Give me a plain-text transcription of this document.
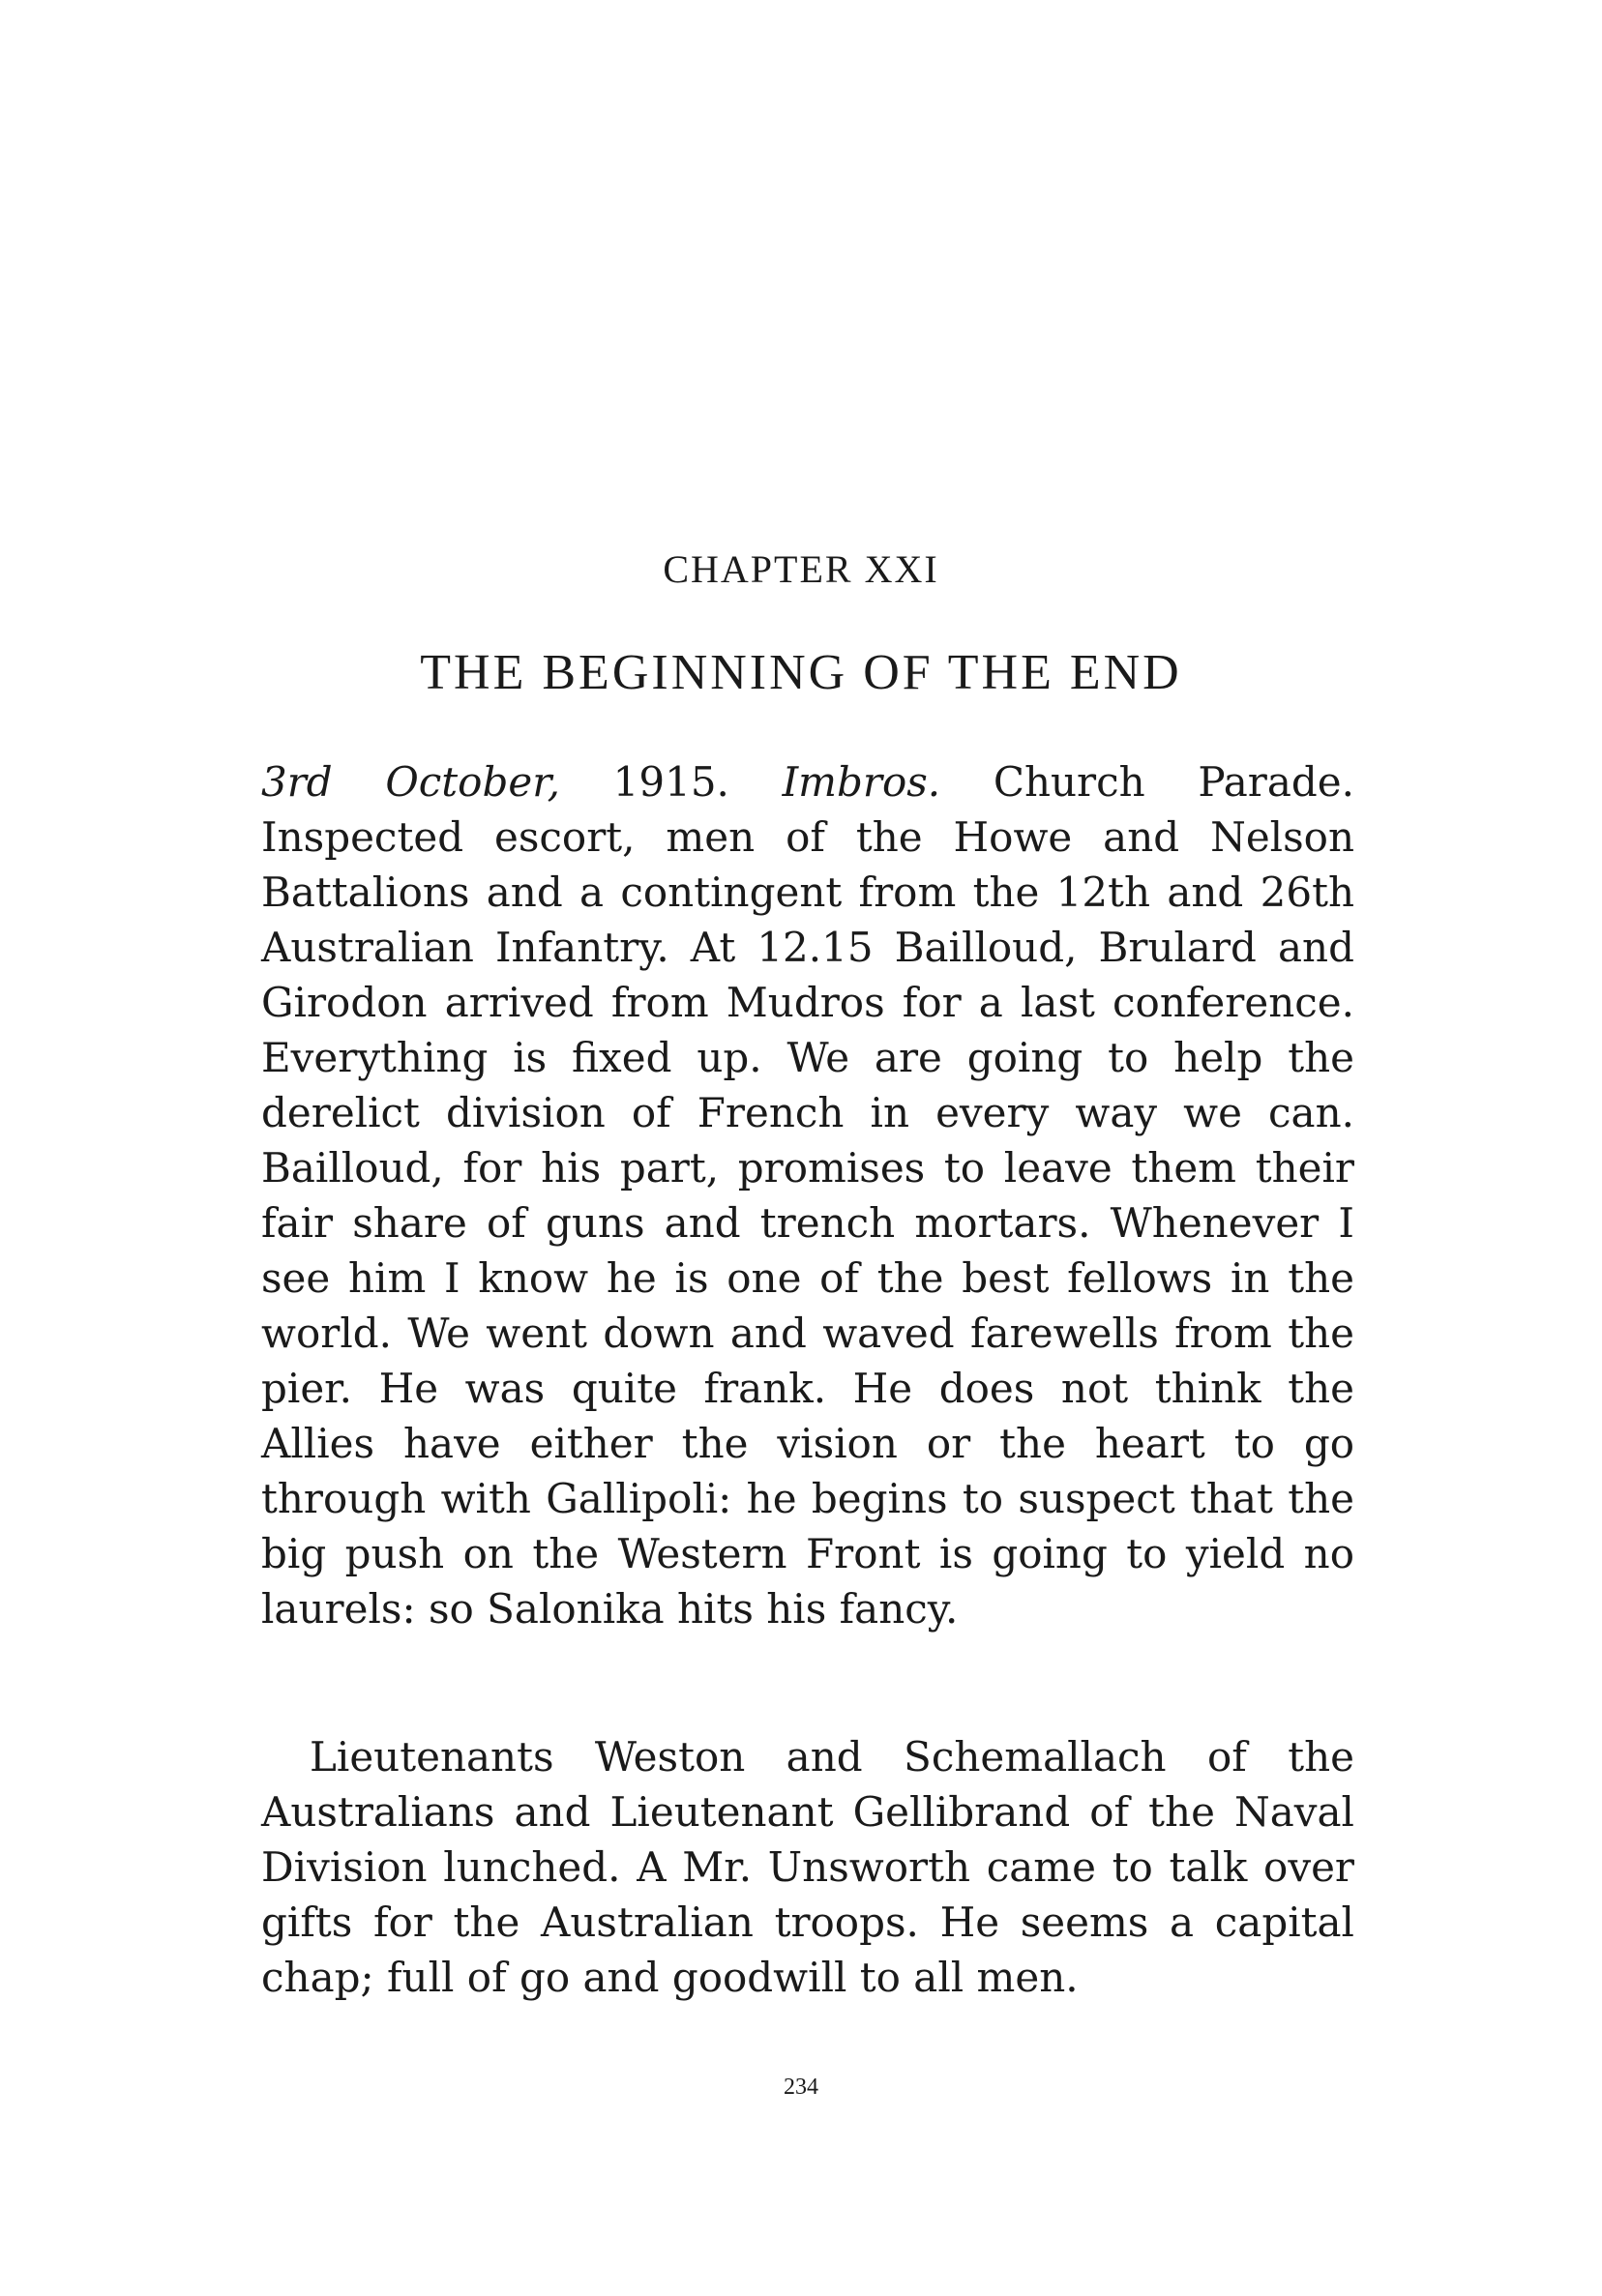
CHAPTER XXI
THE BEGINNING OF THE END

3rd October, 1915. Imbros. Church Parade. Inspected escort, men of the Howe and Nelson Battalions and a contingent from the 12th and 26th Australian Infantry. At 12.15 Bailloud, Brulard and Girodon arrived from Mudros for a last conference. Everything is fixed up. We are going to help the derelict division of French in every way we can. Bailloud, for his part, promises to leave them their fair share of guns and trench mortars. Whenever I see him I know he is one of the best fellows in the world. We went down and waved farewells from the pier. He was quite frank. He does not think the Allies have either the vision or the heart to go through with Gallipoli: he begins to suspect that the big push on the Western Front is going to yield no laurels: so Salonika hits his fancy.

Lieutenants Weston and Schemallach of the Australians and Lieutenant Gellibrand of the Naval Division lunched. A Mr. Unsworth came to talk over gifts for the Australian troops. He seems a capital chap; full of go and goodwill to all men.

234
